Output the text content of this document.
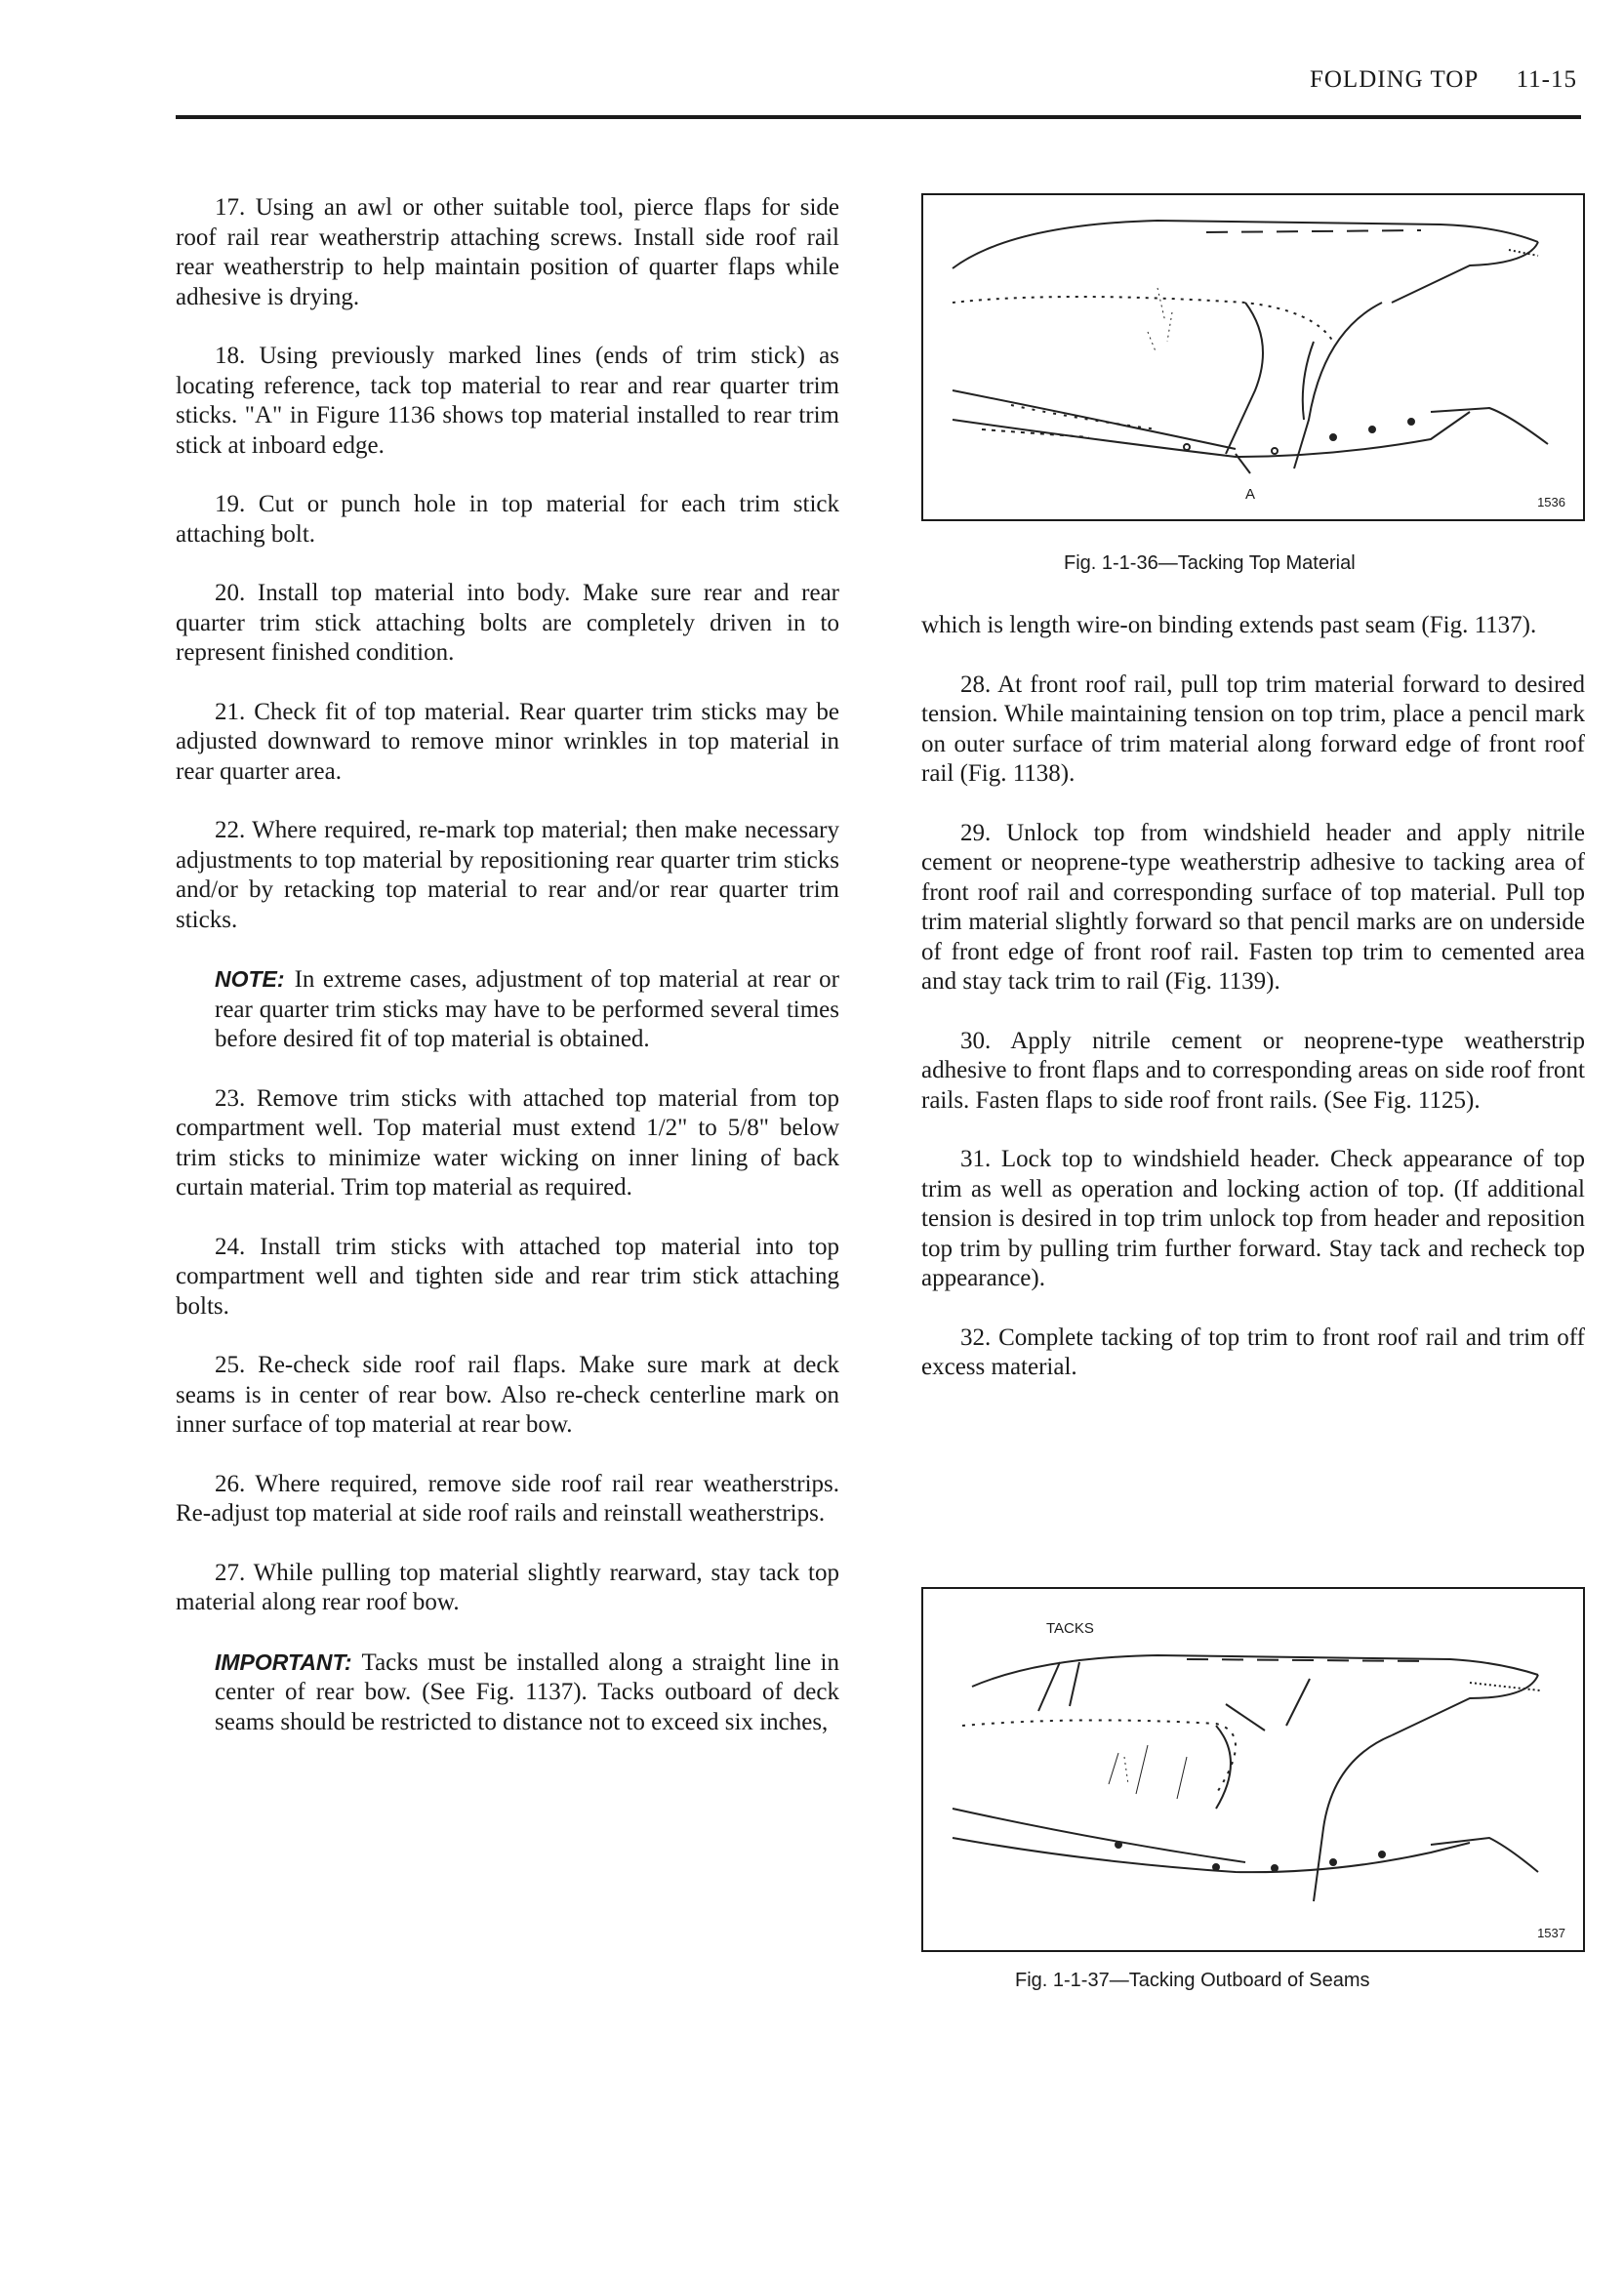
FOLDING TOP 11-15

17. Using an awl or other suitable tool, pierce flaps for side roof rail rear weatherstrip attaching screws. Install side roof rail rear weatherstrip to help maintain position of quarter flaps while adhesive is drying.

18. Using previously marked lines (ends of trim stick) as locating reference, tack top material to rear and rear quarter trim sticks. "A" in Figure 1136 shows top material installed to rear trim stick at inboard edge.

19. Cut or punch hole in top material for each trim stick attaching bolt.

20. Install top material into body. Make sure rear and rear quarter trim stick attaching bolts are completely driven in to represent finished condition.

21. Check fit of top material. Rear quarter trim sticks may be adjusted downward to remove minor wrinkles in top material in rear quarter area.

22. Where required, re-mark top material; then make necessary adjustments to top material by repositioning rear quarter trim sticks and/or by retacking top material to rear and/or rear quarter trim sticks.

NOTE: In extreme cases, adjustment of top material at rear or rear quarter trim sticks may have to be performed several times before desired fit of top material is obtained.

23. Remove trim sticks with attached top material from top compartment well. Top material must extend 1/2" to 5/8" below trim sticks to minimize water wicking on inner lining of back curtain material. Trim top material as required.

24. Install trim sticks with attached top material into top compartment well and tighten side and rear trim stick attaching bolts.

25. Re-check side roof rail flaps. Make sure mark at deck seams is in center of rear bow. Also re-check centerline mark on inner surface of top material at rear bow.

26. Where required, remove side roof rail rear weatherstrips. Re-adjust top material at side roof rails and reinstall weatherstrips.

27. While pulling top material slightly rearward, stay tack top material along rear roof bow.

IMPORTANT: Tacks must be installed along a straight line in center of rear bow. (See Fig. 1137). Tacks outboard of deck seams should be restricted to distance not to exceed six inches,

which is length wire-on binding extends past seam (Fig. 1137).

28. At front roof rail, pull top trim material forward to desired tension. While maintaining tension on top trim, place a pencil mark on outer surface of trim material along forward edge of front roof rail (Fig. 1138).

29. Unlock top from windshield header and apply nitrile cement or neoprene-type weatherstrip adhesive to tacking area of front roof rail and corresponding surface of top material. Pull top trim material slightly forward so that pencil marks are on underside of front edge of front roof rail. Fasten top trim to cemented area and stay tack trim to rail (Fig. 1139).

30. Apply nitrile cement or neoprene-type weatherstrip adhesive to front flaps and to corresponding areas on side roof front rails. Fasten flaps to side roof front rails. (See Fig. 1125).

31. Lock top to windshield header. Check appearance of top trim as well as operation and locking action of top. (If additional tension is desired in top trim unlock top from header and reposition top trim by pulling trim further forward. Stay tack and recheck top appearance).

32. Complete tacking of top trim to front roof rail and trim off excess material.

A	1536
Fig. 1-1-36—Tacking Top Material
TACKS
1537
Fig. 1-1-37—Tacking Outboard of Seams
